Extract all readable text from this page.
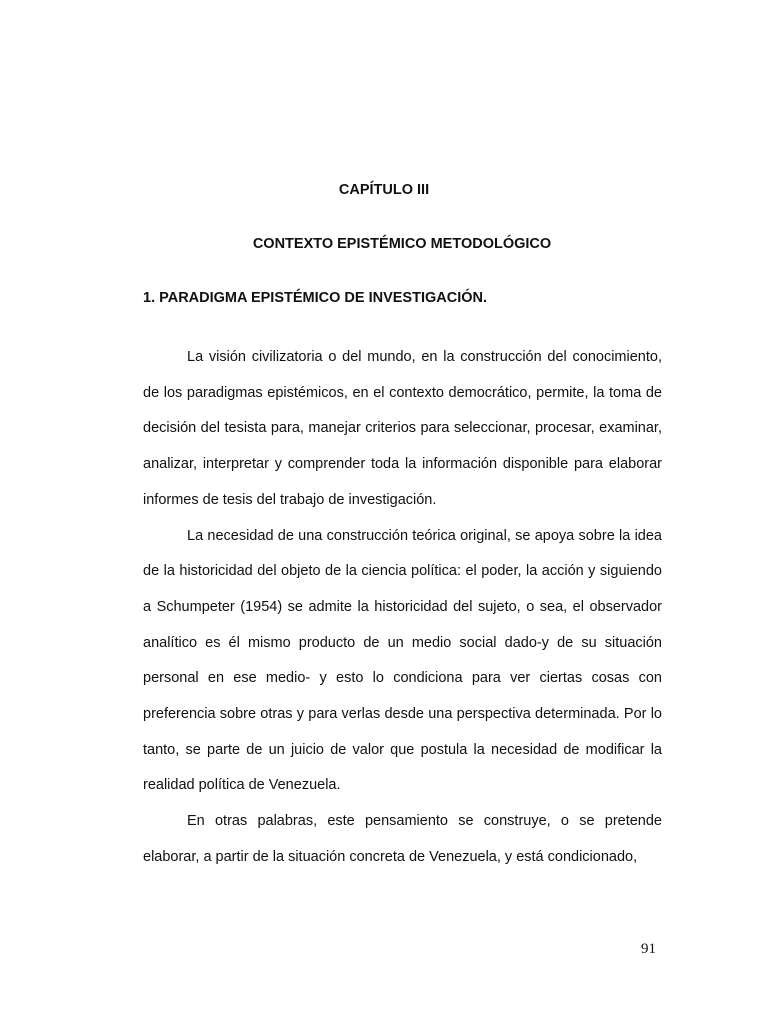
CAPÍTULO III
CONTEXTO EPISTÉMICO METODOLÓGICO
1. PARADIGMA EPISTÉMICO DE INVESTIGACIÓN.

La visión civilizatoria o del mundo, en la construcción del conocimiento, de los paradigmas epistémicos, en el contexto democrático, permite, la toma de decisión del tesista para, manejar criterios para seleccionar, procesar, examinar, analizar, interpretar y comprender toda la información disponible para elaborar informes de tesis del trabajo de investigación.

La necesidad de una construcción teórica original, se apoya sobre la idea de la historicidad del objeto de la ciencia política: el poder, la acción y siguiendo a Schumpeter (1954) se admite la historicidad del sujeto, o sea, el observador analítico es él mismo producto de un medio social dado-y de su situación personal en ese medio- y esto lo condiciona para ver ciertas cosas con preferencia sobre otras y para verlas desde una perspectiva determinada. Por lo tanto, se parte de un juicio de valor que postula la necesidad de modificar la realidad política de Venezuela.

En otras palabras, este pensamiento se construye, o se pretende elaborar, a partir de la situación concreta de Venezuela, y está condicionado,

91
